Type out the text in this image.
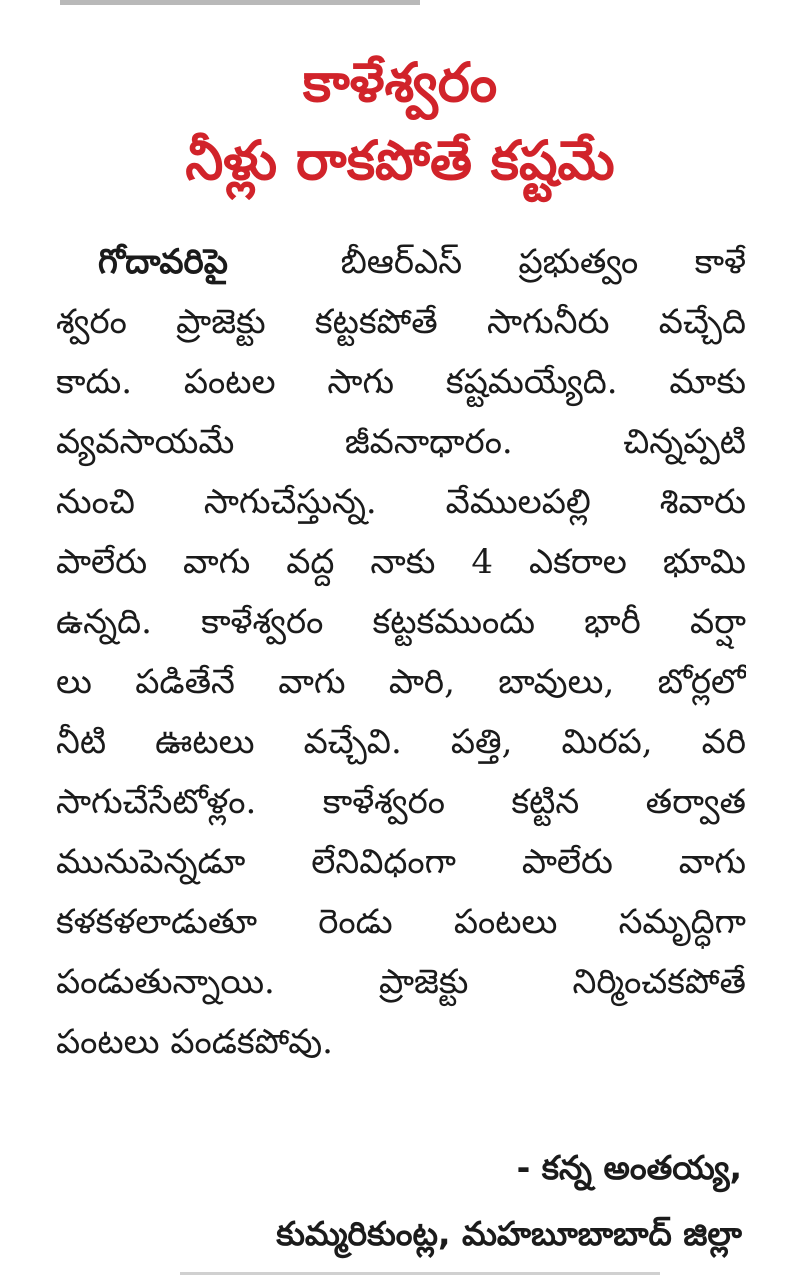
కాళేశ్వరం
నీళ్లు రాకపోతే కష్టమే
గోదావరిపై	బీఆర్ఎస్ ప్రభుత్వం కాళే
శ్వరం ప్రాజెక్టు కట్టకపోతే సాగునీరు వచ్చేది
కాదు. పంటల సాగు కష్టమయ్యేది. మాకు
వ్యవసాయమే జీవనాధారం. చిన్నప్పటి
నుంచి సాగుచేస్తున్న. వేములపల్లి శివారు
పాలేరు వాగు వద్ద నాకు 4 ఎకరాల భూమి
ఉన్నది. కాళేశ్వరం కట్టకముందు భారీ వర్షా
లు పడితేనే వాగు పారి, బావులు, బోర్లలో
నీటి ఊటలు వచ్చేవి. పత్తి, మిరప, వరి
సాగుచేసేటోళ్లం. కాళేశ్వరం కట్టిన తర్వాత
మునుపెన్నడూ లేనివిధంగా పాలేరు వాగు
కళకళలాడుతూ రెండు పంటలు సమృద్ధిగా
పండుతున్నాయి. ప్రాజెక్టు నిర్మించకపోతే
పంటలు పండకపోవు.
- కన్న అంతయ్య,
కుమ్మరికుంట్ల, మహబూబాబాద్ జిల్లా
